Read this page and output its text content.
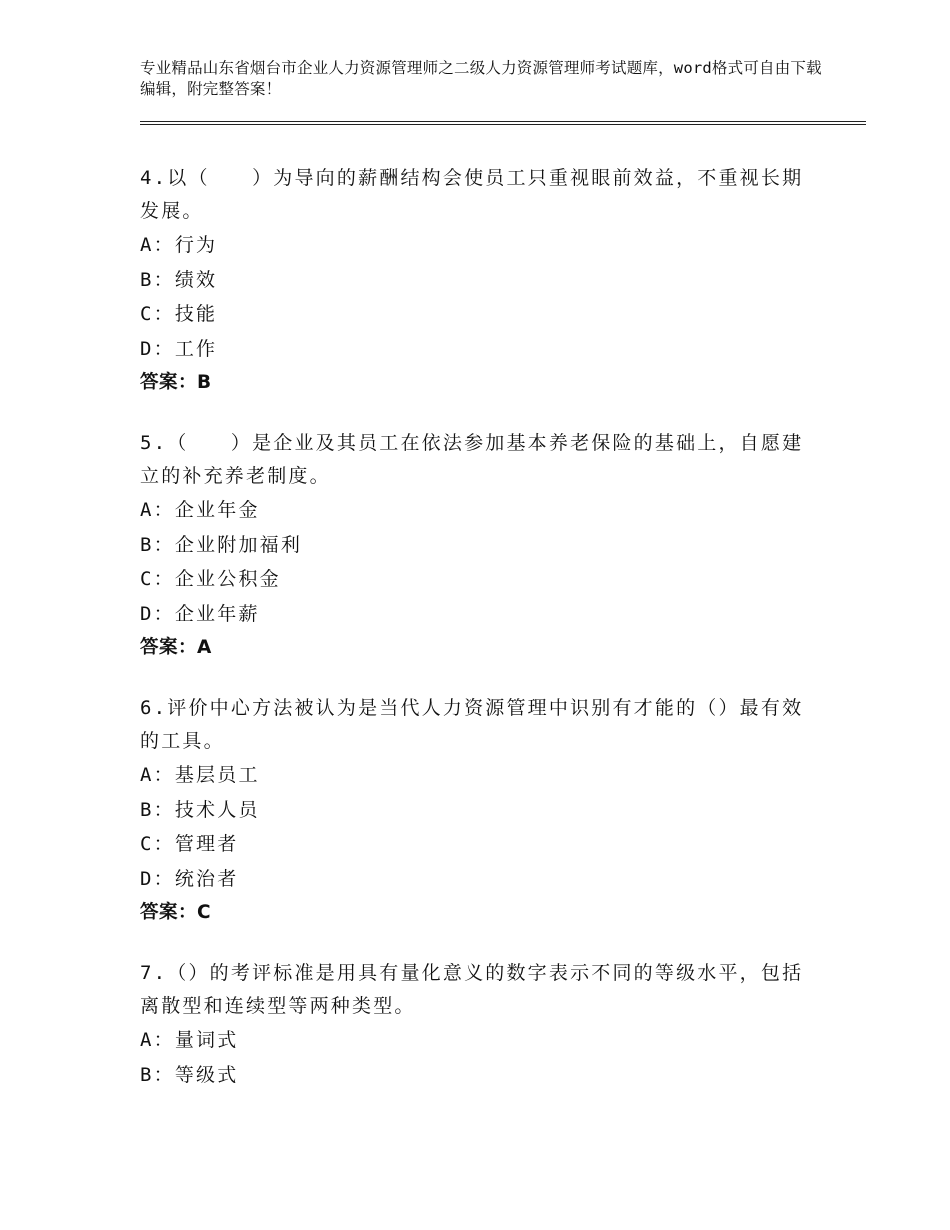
专业精品山东省烟台市企业人力资源管理师之二级人力资源管理师考试题库，word格式可自由下载编辑，附完整答案！

4.以（　　）为导向的薪酬结构会使员工只重视眼前效益，不重视长期发展。

A：行为

B：绩效

C：技能

D：工作

答案：B

5.（　　）是企业及其员工在依法参加基本养老保险的基础上，自愿建立的补充养老制度。

A：企业年金

B：企业附加福利

C：企业公积金

D：企业年薪

答案：A

6.评价中心方法被认为是当代人力资源管理中识别有才能的（）最有效的工具。

A：基层员工

B：技术人员

C：管理者

D：统治者

答案：C

7.（）的考评标准是用具有量化意义的数字表示不同的等级水平，包括离散型和连续型等两种类型。

A：量词式

B：等级式
